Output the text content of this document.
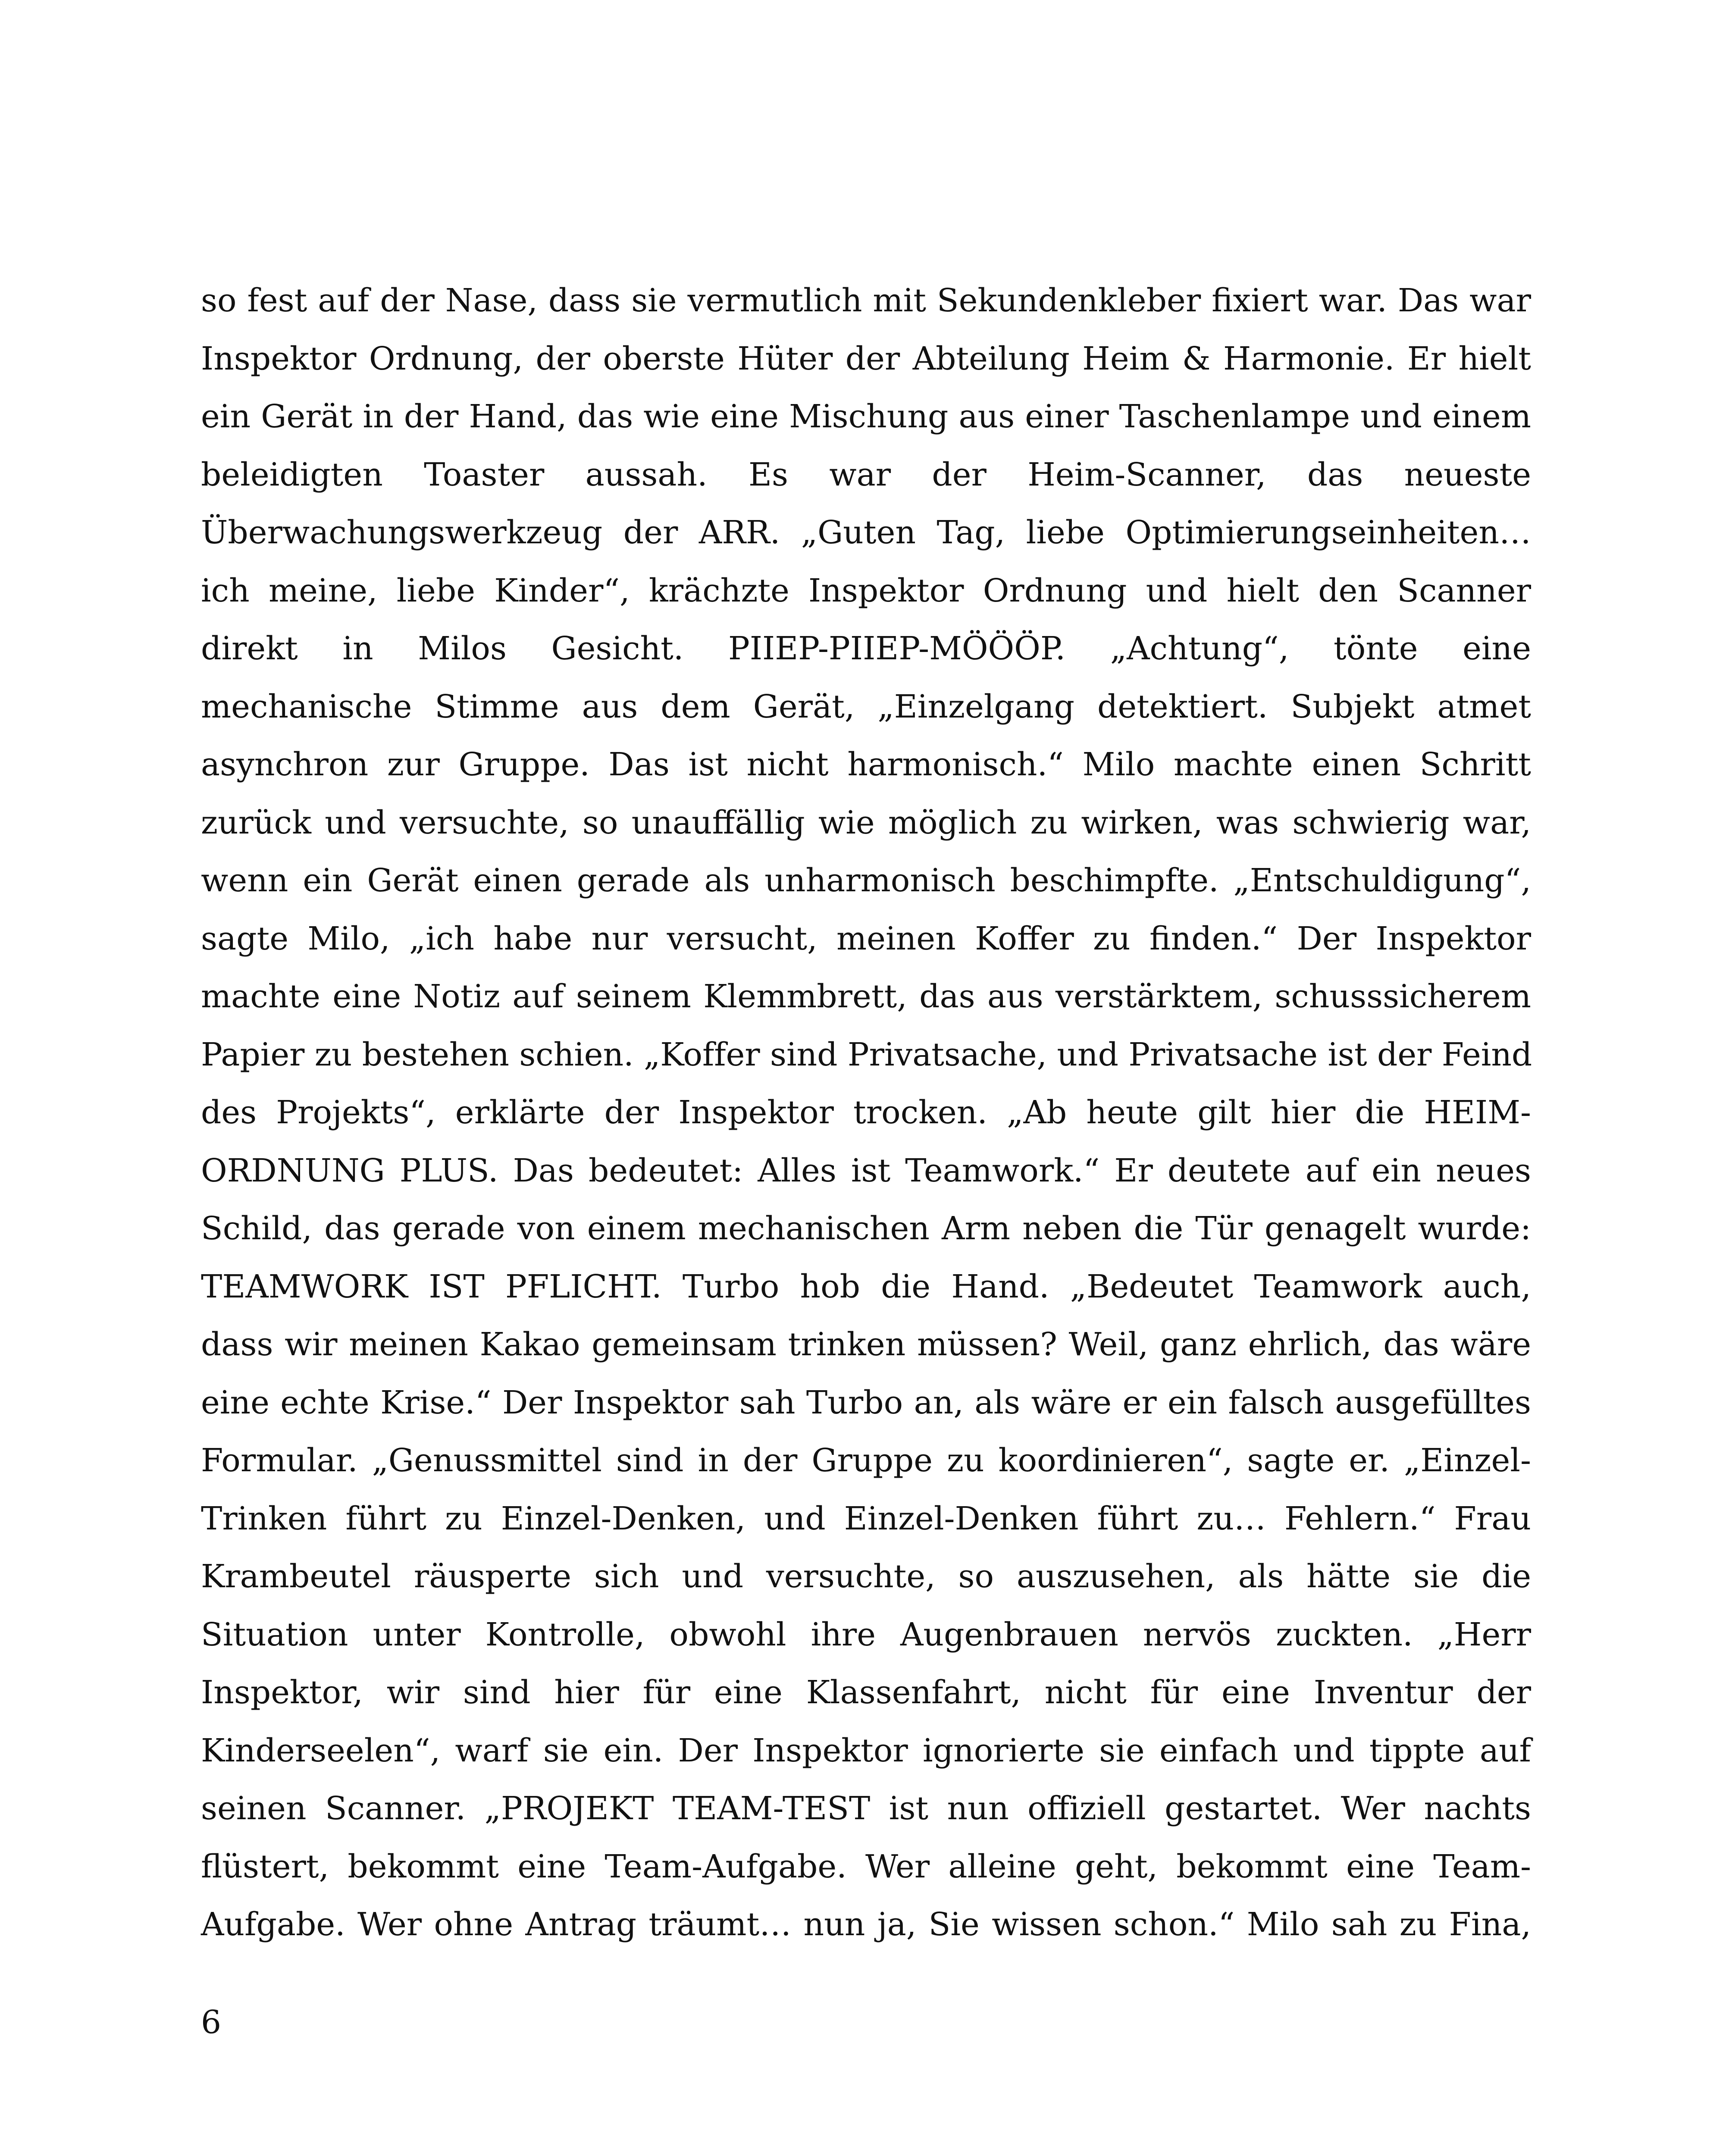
so fest auf der Nase, dass sie vermutlich mit Sekundenkleber fixiert war. Das war
Inspektor Ordnung, der oberste Hüter der Abteilung Heim & Harmonie. Er hielt
ein Gerät in der Hand, das wie eine Mischung aus einer Taschenlampe und einem
beleidigten Toaster aussah. Es war der Heim-Scanner, das neueste
Überwachungswerkzeug der ARR. „Guten Tag, liebe Optimierungseinheiten…
ich meine, liebe Kinder“, krächzte Inspektor Ordnung und hielt den Scanner
direkt in Milos Gesicht. PIIEP-PIIEP-MÖÖÖP. „Achtung“, tönte eine
mechanische Stimme aus dem Gerät, „Einzelgang detektiert. Subjekt atmet
asynchron zur Gruppe. Das ist nicht harmonisch.“ Milo machte einen Schritt
zurück und versuchte, so unauffällig wie möglich zu wirken, was schwierig war,
wenn ein Gerät einen gerade als unharmonisch beschimpfte. „Entschuldigung“,
sagte Milo, „ich habe nur versucht, meinen Koffer zu finden.“ Der Inspektor
machte eine Notiz auf seinem Klemmbrett, das aus verstärktem, schusssicherem
Papier zu bestehen schien. „Koffer sind Privatsache, und Privatsache ist der Feind
des Projekts“, erklärte der Inspektor trocken. „Ab heute gilt hier die HEIM-
ORDNUNG PLUS. Das bedeutet: Alles ist Teamwork.“ Er deutete auf ein neues
Schild, das gerade von einem mechanischen Arm neben die Tür genagelt wurde:
TEAMWORK IST PFLICHT. Turbo hob die Hand. „Bedeutet Teamwork auch,
dass wir meinen Kakao gemeinsam trinken müssen? Weil, ganz ehrlich, das wäre
eine echte Krise.“ Der Inspektor sah Turbo an, als wäre er ein falsch ausgefülltes
Formular. „Genussmittel sind in der Gruppe zu koordinieren“, sagte er. „Einzel-
Trinken führt zu Einzel-Denken, und Einzel-Denken führt zu… Fehlern.“ Frau
Krambeutel räusperte sich und versuchte, so auszusehen, als hätte sie die
Situation unter Kontrolle, obwohl ihre Augenbrauen nervös zuckten. „Herr
Inspektor, wir sind hier für eine Klassenfahrt, nicht für eine Inventur der
Kinderseelen“, warf sie ein. Der Inspektor ignorierte sie einfach und tippte auf
seinen Scanner. „PROJEKT TEAM-TEST ist nun offiziell gestartet. Wer nachts
flüstert, bekommt eine Team-Aufgabe. Wer alleine geht, bekommt eine Team-
Aufgabe. Wer ohne Antrag träumt… nun ja, Sie wissen schon.“ Milo sah zu Fina,
6
